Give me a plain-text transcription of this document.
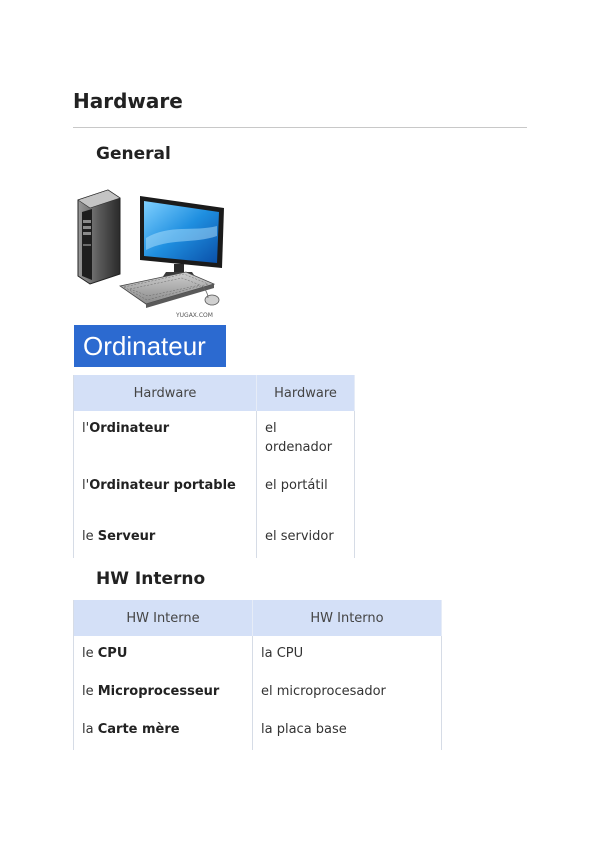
Hardware
General
YUGAX.COM
Ordinateur
Hardware	Hardware
l'Ordinateur	el ordenador
l'Ordinateur portable	el portátil
le Serveur	el servidor
HW Interno
HW Interne	HW Interno
le CPU	la CPU
le Microprocesseur	el microprocesador
la Carte mère	la placa base
